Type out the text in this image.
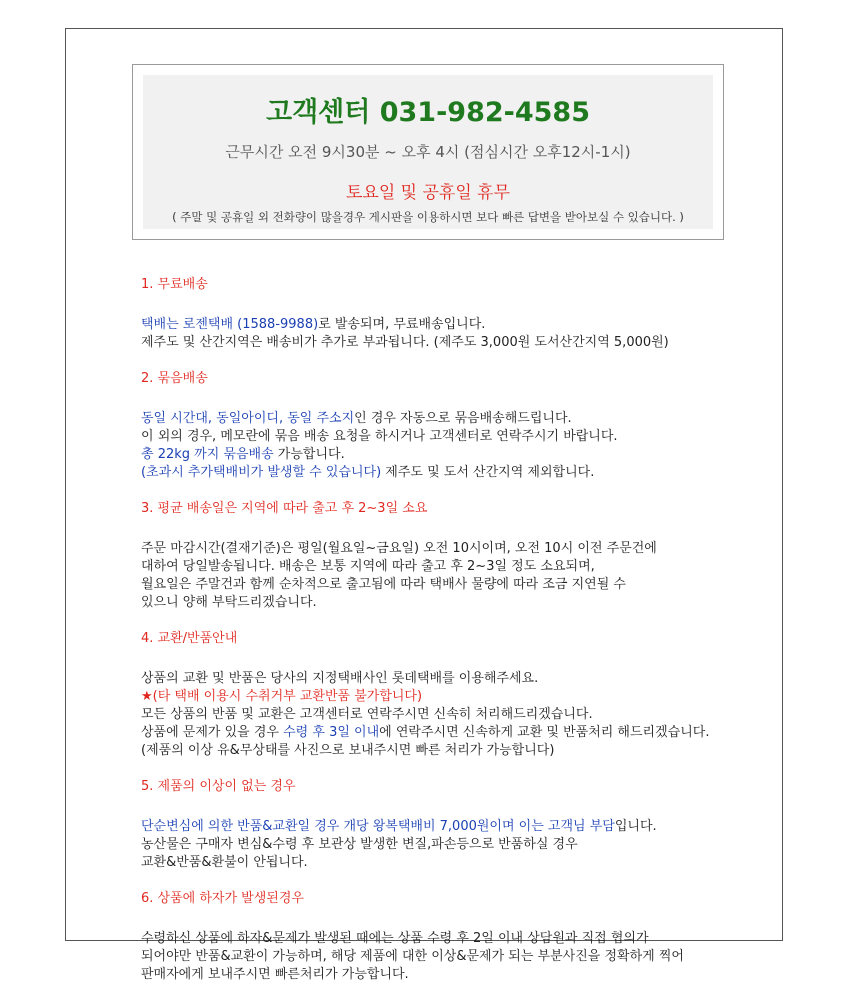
고객센터 031-982-4585
근무시간 오전 9시30분 ~ 오후 4시 (점심시간 오후12시-1시)
토요일 및 공휴일 휴무
( 주말 및 공휴일 외 전화량이 많을경우 게시판을 이용하시면 보다 빠른 답변을 받아보실 수 있습니다. )

1. 무료배송

택배는 로젠택배 (1588-9988)로 발송되며, 무료배송입니다.

제주도 및 산간지역은 배송비가 추가로 부과됩니다. (제주도 3,000원 도서산간지역 5,000원)

2. 묶음배송

동일 시간대, 동일아이디, 동일 주소지인 경우 자동으로 묶음배송해드립니다.

이 외의 경우, 메모란에 묶음 배송 요청을 하시거나 고객센터로 연락주시기 바랍니다.

총 22kg 까지 묶음배송 가능합니다.

(초과시 추가택배비가 발생할 수 있습니다) 제주도 및 도서 산간지역 제외합니다.

3. 평균 배송일은 지역에 따라 출고 후 2~3일 소요

주문 마감시간(결재기준)은 평일(월요일~금요일) 오전 10시이며, 오전 10시 이전 주문건에

대하여 당일발송됩니다. 배송은 보통 지역에 따라 출고 후 2~3일 정도 소요되며,

월요일은 주말건과 함께 순차적으로 출고됨에 따라 택배사 물량에 따라 조금 지연될 수

있으니 양해 부탁드리겠습니다.

4. 교환/반품안내

상품의 교환 및 반품은 당사의 지정택배사인 롯데택배를 이용해주세요.

★(타 택배 이용시 수취거부 교환반품 불가합니다)

모든 상품의 반품 및 교환은 고객센터로 연락주시면 신속히 처리해드리겠습니다.

상품에 문제가 있을 경우 수령 후 3일 이내에 연락주시면 신속하게 교환 및 반품처리 해드리겠습니다.

(제품의 이상 유&무상태를 사진으로 보내주시면 빠른 처리가 가능합니다)

5. 제품의 이상이 없는 경우

단순변심에 의한 반품&교환일 경우 개당 왕복택배비 7,000원이며 이는 고객님 부담입니다.

농산물은 구매자 변심&수령 후 보관상 발생한 변질,파손등으로 반품하실 경우

교환&반품&환불이 안됩니다.

6. 상품에 하자가 발생된경우

수령하신 상품에 하자&문제가 발생된 때에는 상품 수령 후 2일 이내 상담원과 직접 협의가

되어야만 반품&교환이 가능하며, 해당 제품에 대한 이상&문제가 되는 부분사진을 정확하게 찍어

판매자에게 보내주시면 빠른처리가 가능합니다.
